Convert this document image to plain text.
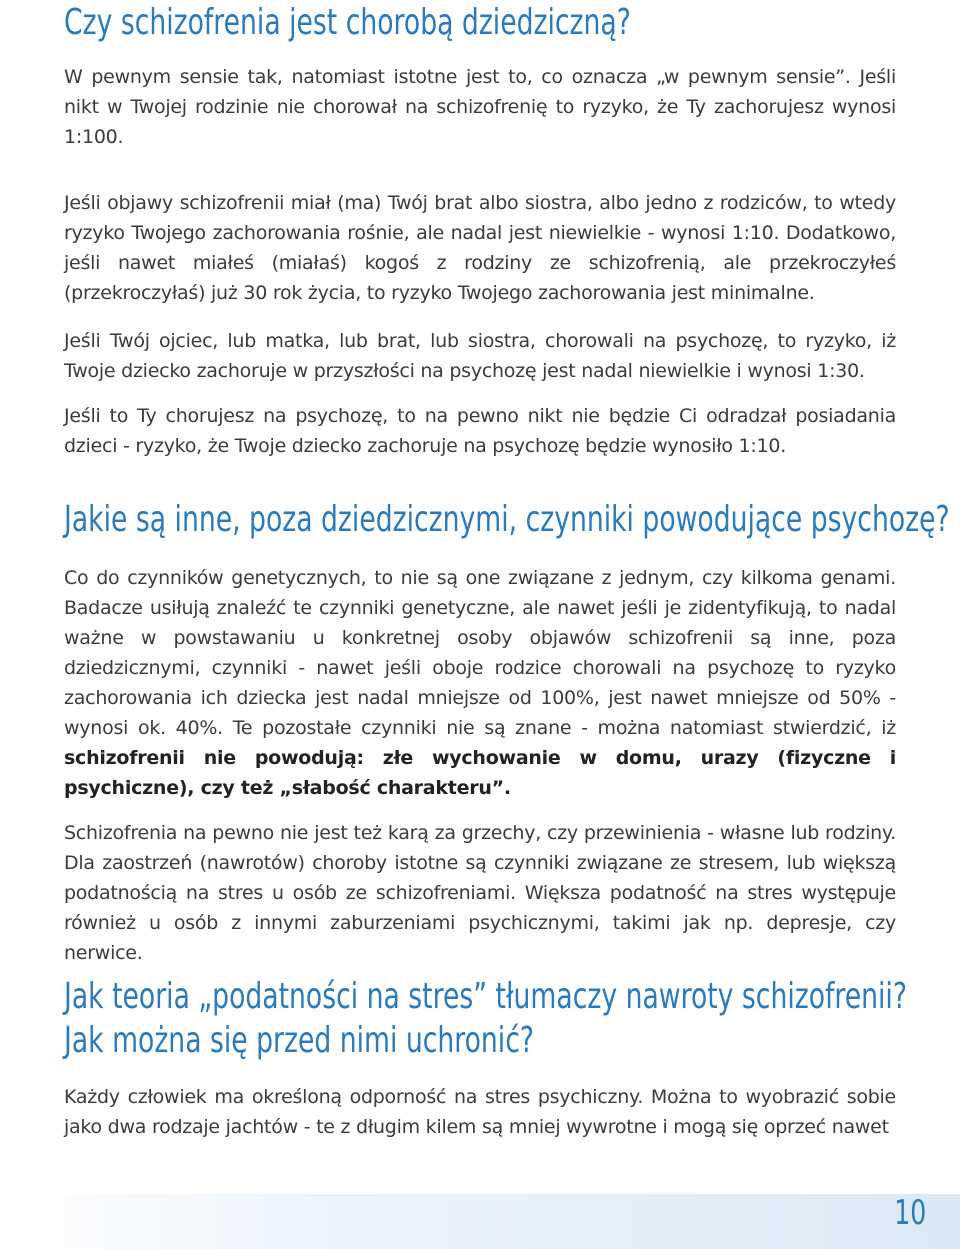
Czy schizofrenia jest chorobą dziedziczną?

W pewnym sensie tak, natomiast istotne jest to, co oznacza „w pewnym sensie”. Jeśli nikt w Twojej rodzinie nie chorował na schizofrenię to ryzyko, że Ty zachorujesz wynosi 1:100.

Jeśli objawy schizofrenii miał (ma) Twój brat albo siostra, albo jedno z rodziców, to wtedy ryzyko Twojego zachorowania rośnie, ale nadal jest niewielkie - wynosi 1:10. Dodatkowo, jeśli nawet miałeś (miałaś) kogoś z rodziny ze schizofrenią, ale przekroczyłeś (przekroczyłaś) już 30 rok życia, to ryzyko Twojego zachorowania jest minimalne.

Jeśli Twój ojciec, lub matka, lub brat, lub siostra, chorowali na psychozę, to ryzyko, iż Twoje dziecko zachoruje w przyszłości na psychozę jest nadal niewielkie i wynosi 1:30.

Jeśli to Ty chorujesz na psychozę, to na pewno nikt nie będzie Ci odradzał posiadania dzieci - ryzyko, że Twoje dziecko zachoruje na psychozę będzie wynosiło 1:10.

Jakie są inne, poza dziedzicznymi, czynniki powodujące psychozę?

Co do czynników genetycznych, to nie są one związane z jednym, czy kilkoma genami. Badacze usiłują znaleźć te czynniki genetyczne, ale nawet jeśli je zidentyfikują, to nadal ważne w powstawaniu u konkretnej osoby objawów schizofrenii są inne, poza dziedzicznymi, czynniki - nawet jeśli oboje rodzice chorowali na psychozę to ryzyko zachorowania ich dziecka jest nadal mniejsze od 100%, jest nawet mniejsze od 50% - wynosi ok. 40%. Te pozostałe czynniki nie są znane - można natomiast stwierdzić, iż schizofrenii nie powodują: złe wychowanie w domu, urazy (fizyczne i psychiczne), czy też „słabość charakteru”.

Schizofrenia na pewno nie jest też karą za grzechy, czy przewinienia - własne lub rodziny. Dla zaostrzeń (nawrotów) choroby istotne są czynniki związane ze stresem, lub większą podatnością na stres u osób ze schizofreniami. Większa podatność na stres występuje również u osób z innymi zaburzeniami psychicznymi, takimi jak np. depresje, czy nerwice.

Jak teoria „podatności na stres” tłumaczy nawroty schizofrenii?
Jak można się przed nimi uchronić?

Każdy człowiek ma określoną odporność na stres psychiczny. Można to wyobrazić sobie jako dwa rodzaje jachtów - te z długim kilem są mniej wywrotne i mogą się oprzeć nawet

10
